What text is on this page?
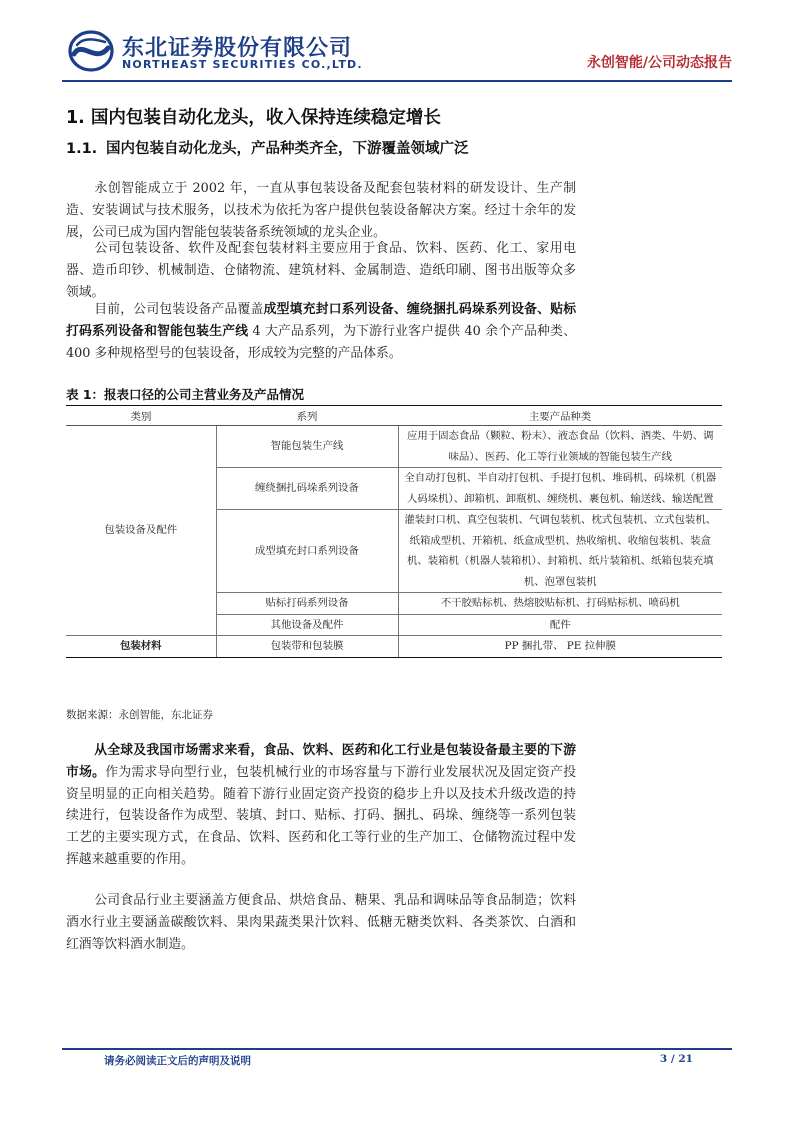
东北证券股份有限公司
NORTHEAST SECURITIES CO.,LTD.	永创智能/公司动态报告
1. 国内包装自动化龙头，收入保持连续稳定增长
1.1. 国内包装自动化龙头，产品种类齐全，下游覆盖领域广泛
永创智能成立于 2002 年，一直从事包装设备及配套包装材料的研发设计、生产制造、安装调试与技术服务，以技术为依托为客户提供包装设备解决方案。经过十余年的发展，公司已成为国内智能包装装备系统领域的龙头企业。
公司包装设备、软件及配套包装材料主要应用于食品、饮料、医药、化工、家用电器、造币印钞、机械制造、仓储物流、建筑材料、金属制造、造纸印刷、图书出版等众多领域。
目前，公司包装设备产品覆盖成型填充封口系列设备、缠绕捆扎码垛系列设备、贴标打码系列设备和智能包装生产线 4 大产品系列，为下游行业客户提供 40 余个产品种类、400 多种规格型号的包装设备，形成较为完整的产品体系。
表 1：报表口径的公司主营业务及产品情况
类别	系列	主要产品种类
包装设备及配件	智能包装生产线	应用于固态食品（颗粒、粉末）、液态食品（饮料、酒类、牛奶、调味品）、医药、化工等行业领域的智能包装生产线
	缠绕捆扎码垛系列设备	全自动打包机、半自动打包机、手提打包机、堆码机、码垛机（机器人码垛机）、卸箱机、卸瓶机、缠绕机、裹包机、输送线、输送配置
	成型填充封口系列设备	灌装封口机、真空包装机、气调包装机、枕式包装机、立式包装机、纸箱成型机、开箱机、纸盒成型机、热收缩机、收缩包装机、装盒机、装箱机（机器人装箱机）、封箱机、纸片装箱机、纸箱包装充填机、泡罩包装机
	贴标打码系列设备	不干胶贴标机、热熔胶贴标机、打码贴标机、喷码机
	其他设备及配件	配件
包装材料	包装带和包装膜	PP 捆扎带、 PE 拉伸膜
数据来源：永创智能，东北证券
从全球及我国市场需求来看，食品、饮料、医药和化工行业是包装设备最主要的下游市场。作为需求导向型行业，包装机械行业的市场容量与下游行业发展状况及固定资产投资呈明显的正向相关趋势。随着下游行业固定资产投资的稳步上升以及技术升级改造的持续进行，包装设备作为成型、装填、封口、贴标、打码、捆扎、码垛、缠绕等一系列包装工艺的主要实现方式，在食品、饮料、医药和化工等行业的生产加工、仓储物流过程中发挥越来越重要的作用。
公司食品行业主要涵盖方便食品、烘焙食品、糖果、乳品和调味品等食品制造；饮料酒水行业主要涵盖碳酸饮料、果肉果蔬类果汁饮料、低糖无糖类饮料、各类茶饮、白酒和红酒等饮料酒水制造。
请务必阅读正文后的声明及说明	3 / 21
